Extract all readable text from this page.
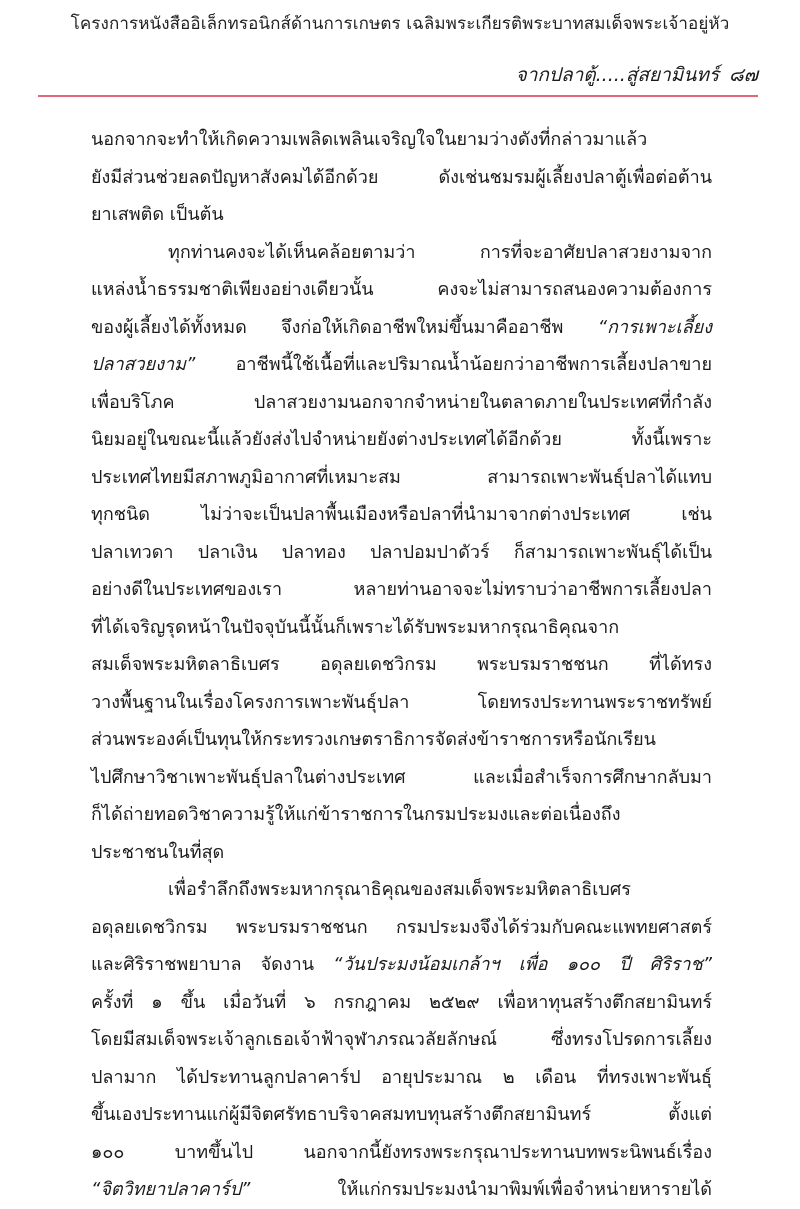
โครงการหนังสืออิเล็กทรอนิกส์ด้านการเกษตร เฉลิมพระเกียรติพระบาทสมเด็จพระเจ้าอยู่หัว
จากปลาตู้.....สู่สยามินทร์ ๘๗
นอกจากจะทำให้เกิดความเพลิดเพลินเจริญใจในยามว่างดังที่กล่าวมาแล้ว
ยังมีส่วนช่วยลดปัญหาสังคมได้อีกด้วย ดังเช่นชมรมผู้เลี้ยงปลาตู้เพื่อต่อต้าน
ยาเสพติด เป็นต้น
ทุกท่านคงจะได้เห็นคล้อยตามว่า การที่จะอาศัยปลาสวยงามจาก
แหล่งน้ำธรรมชาติเพียงอย่างเดียวนั้น คงจะไม่สามารถสนองความต้องการ
ของผู้เลี้ยงได้ทั้งหมด จึงก่อให้เกิดอาชีพใหม่ขึ้นมาคืออาชีพ “การเพาะเลี้ยง
ปลาสวยงาม” อาชีพนี้ใช้เนื้อที่และปริมาณน้ำน้อยกว่าอาชีพการเลี้ยงปลาขาย
เพื่อบริโภค ปลาสวยงามนอกจากจำหน่ายในตลาดภายในประเทศที่กำลัง
นิยมอยู่ในขณะนี้แล้วยังส่งไปจำหน่ายยังต่างประเทศได้อีกด้วย ทั้งนี้เพราะ
ประเทศไทยมีสภาพภูมิอากาศที่เหมาะสม สามารถเพาะพันธุ์ปลาได้แทบ
ทุกชนิด ไม่ว่าจะเป็นปลาพื้นเมืองหรือปลาที่นำมาจากต่างประเทศ เช่น
ปลาเทวดา ปลาเงิน ปลาทอง ปลาปอมปาดัวร์ ก็สามารถเพาะพันธุ์ได้เป็น
อย่างดีในประเทศของเรา หลายท่านอาจจะไม่ทราบว่าอาชีพการเลี้ยงปลา
ที่ได้เจริญรุดหน้าในปัจจุบันนี้นั้นก็เพราะได้รับพระมหากรุณาธิคุณจาก
สมเด็จพระมหิตลาธิเบศร อดุลยเดชวิกรม พระบรมราชชนก ที่ได้ทรง
วางพื้นฐานในเรื่องโครงการเพาะพันธุ์ปลา โดยทรงประทานพระราชทรัพย์
ส่วนพระองค์เป็นทุนให้กระทรวงเกษตราธิการจัดส่งข้าราชการหรือนักเรียน
ไปศึกษาวิชาเพาะพันธุ์ปลาในต่างประเทศ และเมื่อสำเร็จการศึกษากลับมา
ก็ได้ถ่ายทอดวิชาความรู้ให้แก่ข้าราชการในกรมประมงและต่อเนื่องถึง
ประชาชนในที่สุด
เพื่อรำลึกถึงพระมหากรุณาธิคุณของสมเด็จพระมหิตลาธิเบศร
อดุลยเดชวิกรม พระบรมราชชนก กรมประมงจึงได้ร่วมกับคณะแพทยศาสตร์
และศิริราชพยาบาล จัดงาน “วันประมงน้อมเกล้าฯ เพื่อ ๑๐๐ ปี ศิริราช”
ครั้งที่ ๑ ขึ้น เมื่อวันที่ ๖ กรกฎาคม ๒๕๒๙ เพื่อหาทุนสร้างตึกสยามินทร์
โดยมีสมเด็จพระเจ้าลูกเธอเจ้าฟ้าจุฬาภรณวลัยลักษณ์ ซึ่งทรงโปรดการเลี้ยง
ปลามาก ได้ประทานลูกปลาคาร์ป อายุประมาณ ๒ เดือน ที่ทรงเพาะพันธุ์
ขึ้นเองประทานแก่ผู้มีจิตศรัทธาบริจาคสมทบทุนสร้างตึกสยามินทร์ ตั้งแต่
๑๐๐ บาทขึ้นไป นอกจากนี้ยังทรงพระกรุณาประทานบทพระนิพนธ์เรื่อง
“จิตวิทยาปลาคาร์ป”	ให้แก่กรมประมงนำมาพิมพ์เพื่อจำหน่ายหารายได้
